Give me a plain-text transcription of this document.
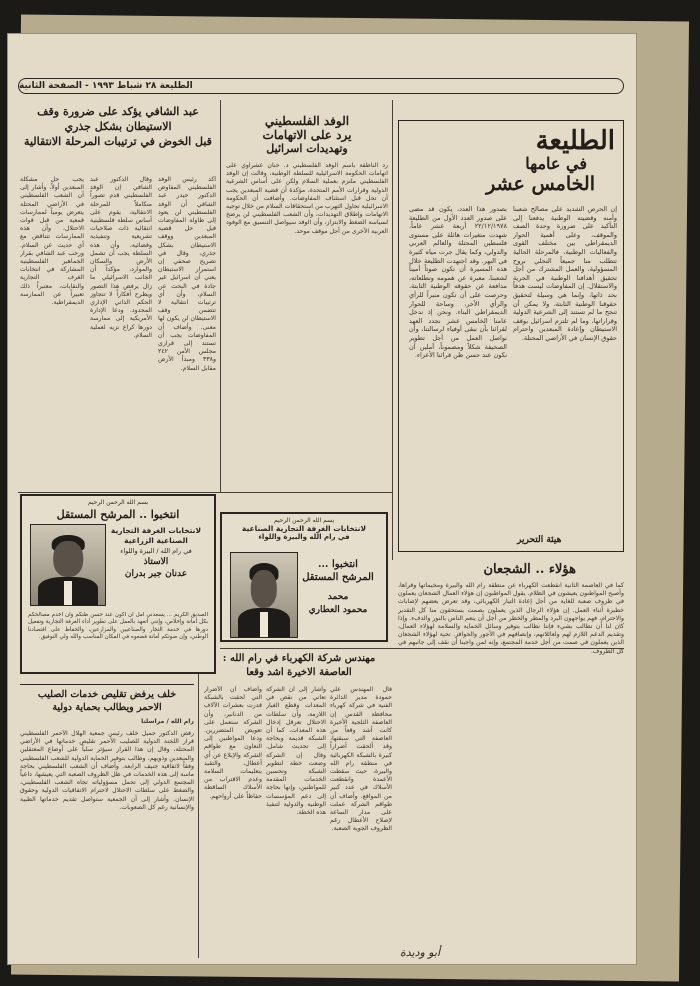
الطليعة ٢٨ شباط ١٩٩٣ - الصفحة الثانية
الطليعة
في عامها
الخامس عشر
بصدور هذا العدد، يكون قد مضى على صدور العدد الأول من الطليعة ٢٢/١٢/١٩٧٨ أربعة عشر عاماً، شهدت متغيرات هائلة على مستوى فلسطين المحتلة والعالم العربي والدولي، وكما يقال جرت مياه كثيرة في النهر. وقد اجتهدت الطليعة خلال هذه المسيرة أن تكون صوتاً أميناً لشعبنا، معبرة عن همومه وتطلعاته، مدافعة عن حقوقه الوطنية الثابتة، وحرصت على أن تكون منبراً للرأي والرأي الآخر، وساحة للحوار الديمقراطي البناء. ونحن إذ ندخل عامنا الخامس عشر نجدد العهد لقرائنا بأن نبقى أوفياء لرسالتنا، وأن نواصل العمل من أجل تطوير الصحيفة شكلاً ومضموناً، آملين أن نكون عند حسن ظن قرائنا الأعزاء.
إن الحرص الشديد على مصالح شعبنا وأمنه وقضيته الوطنية يدفعنا إلى التأكيد على ضرورة وحدة الصف والموقف، وعلى أهمية الحوار الديمقراطي بين مختلف القوى والفعاليات الوطنية، فالمرحلة الحالية تتطلب منا جميعاً التحلي بروح المسؤولية، والعمل المشترك من أجل تحقيق أهدافنا الوطنية في الحرية والاستقلال. إن المفاوضات ليست هدفاً بحد ذاتها، وإنما هي وسيلة لتحقيق حقوقنا الوطنية الثابتة، ولا يمكن أن تنجح ما لم تستند إلى الشرعية الدولية وقراراتها، وما لم تلتزم اسرائيل بوقف الاستيطان وإعادة المبعدين واحترام حقوق الإنسان في الأراضي المحتلة.
هيئة التحرير
الوفد الفلسطيني
يرد على الاتهامات
وتهديدات اسرائيل
رد الناطقة باسم الوفد الفلسطيني د. حنان عشراوي على اتهامات الحكومة الاسرائيلية للسلطة الوطنية، وقالت إن الوفد الفلسطيني ملتزم بعملية السلام ولكن على أساس الشرعية الدولية وقرارات الأمم المتحدة، مؤكدة أن قضية المبعدين يجب أن تحل قبل استئناف المفاوضات. وأضافت أن الحكومة الاسرائيلية تحاول التهرب من استحقاقات السلام من خلال توجيه الاتهامات وإطلاق التهديدات، وأن الشعب الفلسطيني لن يرضخ لسياسة الضغط والابتزاز، وأن الوفد سيواصل التنسيق مع الوفود العربية الأخرى من أجل موقف موحد.
عبد الشافي يؤكد على ضرورة وقف الاستيطان بشكل جذري
قبل الخوض في ترتيبات المرحلة الانتقالية
أكد رئيس الوفد الفلسطيني المفاوض الدكتور حيدر عبد الشافي أن الوفد الفلسطيني لن يعود إلى طاولة المفاوضات قبل حل قضية المبعدين ووقف الاستيطان بشكل جذري، وقال في تصريح صحفي إن استمرار الاستيطان يعني أن اسرائيل غير جادة في البحث عن السلام، وأن أي ترتيبات انتقالية لا تتضمن وقف الاستيطان لن يكون لها معنى. وأضاف أن المفاوضات يجب أن تستند إلى قراري مجلس الأمن ٢٤٢ و٣٣٨ ومبدأ الأرض مقابل السلام.
وقال الدكتور عبد الشافي إن الوفد الفلسطيني قدم تصوراً متكاملاً للمرحلة الانتقالية، يقوم على أساس سلطة فلسطينية انتقالية ذات صلاحيات تشريعية وتنفيذية وقضائية، وأن هذه السلطة يجب أن تشمل الأرض والسكان والموارد، مؤكداً أن الجانب الاسرائيلي ما زال يرفض هذا التصور ويطرح أفكاراً لا تتجاوز الحكم الذاتي الإداري المحدود. ودعا الإدارة الأمريكية إلى ممارسة دورها كراع نزيه لعملية السلام.
يجب حل مشكلة المبعدين أولاً، وأشار إلى أن الشعب الفلسطيني في الأراضي المحتلة يتعرض يومياً لممارسات قمعية من قبل قوات الاحتلال، وأن هذه الممارسات تتناقض مع أي حديث عن السلام. ورحب عبد الشافي بقرار الجماهير الفلسطينية المشاركة في انتخابات الغرف التجارية والنقابات، معتبراً ذلك تعبيراً عن الممارسة الديمقراطية.
بسم الله الرحمن الرحيم
انتخبوا .. المرشح المستقل
لانتخابات الغرفة التجارية
الصناعية الزراعية
في رام الله / البيرة واللواء
الاستاذ
عدنان جبر بدران
الصديق الكريم ... يسعدني أمل أن أكون عند حسن ظنكم وأن أخدم مصالحكم بكل أمانة وإخلاص، وإنني أتعهد بالعمل على تطوير أداء الغرفة التجارية وتفعيل دورها في خدمة التجار والصناعيين والمزارعين، والحفاظ على اقتصادنا الوطني، وإن صوتكم أمانة فضعوه في المكان المناسب والله ولي التوفيق.
بسم الله الرحمن الرحيم
لانتخابات الغرفة التجارية الصناعية
في رام الله والبيرة واللواء
انتخبوا ...
المرشح المستقل
محمد
محمود العطاري
هؤلاء .. الشجعان
كما في العاصمة الثانية انقطعت الكهرباء عن منطقة رام الله والبيرة ومخيماتها وقراها، وأصبح المواطنون يعيشون في الظلام. يقول المواطنون إن هؤلاء العمال الشجعان يعملون في ظروف صعبة للغاية من أجل إعادة التيار الكهربائي، وقد تعرض بعضهم لإصابات خطيرة أثناء العمل. إن هؤلاء الرجال الذين يعملون بصمت يستحقون منا كل التقدير والاحترام، فهم يواجهون البرد والمطر والخطر من أجل أن ينعم الناس بالنور والدفء. وإذا كان لنا أن نطالب بشيء فإننا نطالب بتوفير وسائل الحماية والسلامة لهؤلاء العمال، وتقديم الدعم اللازم لهم ولعائلاتهم، وإنصافهم في الأجور والحوافز. تحية لهؤلاء الشجعان الذين يعملون في صمت من أجل خدمة المجتمع، وإنه لمن واجبنا أن نقف إلى جانبهم في كل الظروف.
أبو وديدة
مهندس شركة الكهرباء في رام الله :
العاصفة الاخيرة اشد وقعا
قال المهندس علي حمودة مدير الدائرة الفنية في شركة كهرباء محافظة القدس إن العاصفة الثلجية الأخيرة كانت أشد وقعاً من العاصفة التي سبقتها، وقد ألحقت أضراراً كبيرة بالشبكة الكهربائية في منطقة رام الله والبيرة، حيث سقطت الأعمدة وانقطعت الأسلاك في عدد كبير من المواقع. وأضاف أن طواقم الشركة عملت على مدار الساعة لإصلاح الأعطال رغم الظروف الجوية الصعبة.
وأشار إلى أن الشركة تعاني من نقص في المعدات وقطع الغيار اللازمة، وأن سلطات الاحتلال تعرقل إدخال هذه المعدات، كما أن الشبكة قديمة وبحاجة إلى تحديث شامل. وقال إن الشركة وضعت خطة لتطوير الشبكة وتحسين الخدمات المقدمة للمواطنين، وإنها بحاجة إلى دعم المؤسسات الوطنية والدولية لتنفيذ هذه الخطة.
وأضاف أن الأضرار التي لحقت بالشبكة قدرت بعشرات الآلاف من الدنانير، وأن الشركة ستعمل على تعويض المتضررين. ودعا المواطنين إلى التعاون مع طواقم الشركة والإبلاغ عن أي أعطال، والتقيد بتعليمات السلامة وعدم الاقتراب من الأسلاك الساقطة حفاظاً على أرواحهم.
خلف يرفض تقليص خدمات الصليب
الاحمر ويطالب بحماية دولية
رام الله / مراسلنا
رفض الدكتور جميل خلف رئيس جمعية الهلال الأحمر الفلسطيني قرار اللجنة الدولية للصليب الأحمر تقليص خدماتها في الأراضي المحتلة، وقال إن هذا القرار سيؤثر سلباً على أوضاع المعتقلين والمبعدين وذويهم، وطالب بتوفير الحماية الدولية للشعب الفلسطيني وفقاً لاتفاقية جنيف الرابعة. وأضاف أن الشعب الفلسطيني بحاجة ماسة إلى هذه الخدمات في ظل الظروف الصعبة التي يعيشها، داعياً المجتمع الدولي إلى تحمل مسؤولياته تجاه الشعب الفلسطيني، والضغط على سلطات الاحتلال لاحترام الاتفاقيات الدولية وحقوق الإنسان. وأشار إلى أن الجمعية ستواصل تقديم خدماتها الطبية والإنسانية رغم كل الصعوبات.
